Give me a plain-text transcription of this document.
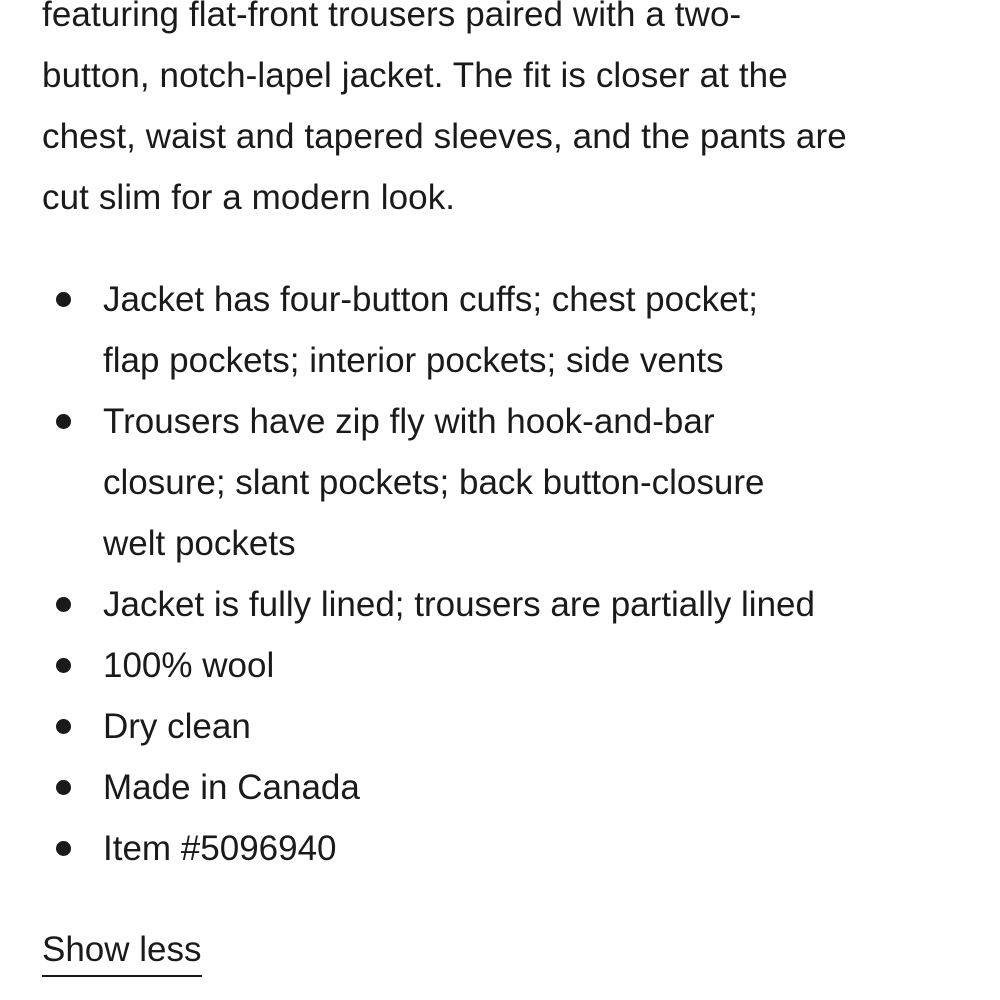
featuring flat-front trousers paired with a two-
button, notch-lapel jacket. The fit is closer at the
chest, waist and tapered sleeves, and the pants are
cut slim for a modern look.

Jacket has four-button cuffs; chest pocket;
flap pockets; interior pockets; side vents
Trousers have zip fly with hook-and-bar
closure; slant pockets; back button-closure
welt pockets
Jacket is fully lined; trousers are partially lined
100% wool
Dry clean
Made in Canada
Item #5096940
Show less
